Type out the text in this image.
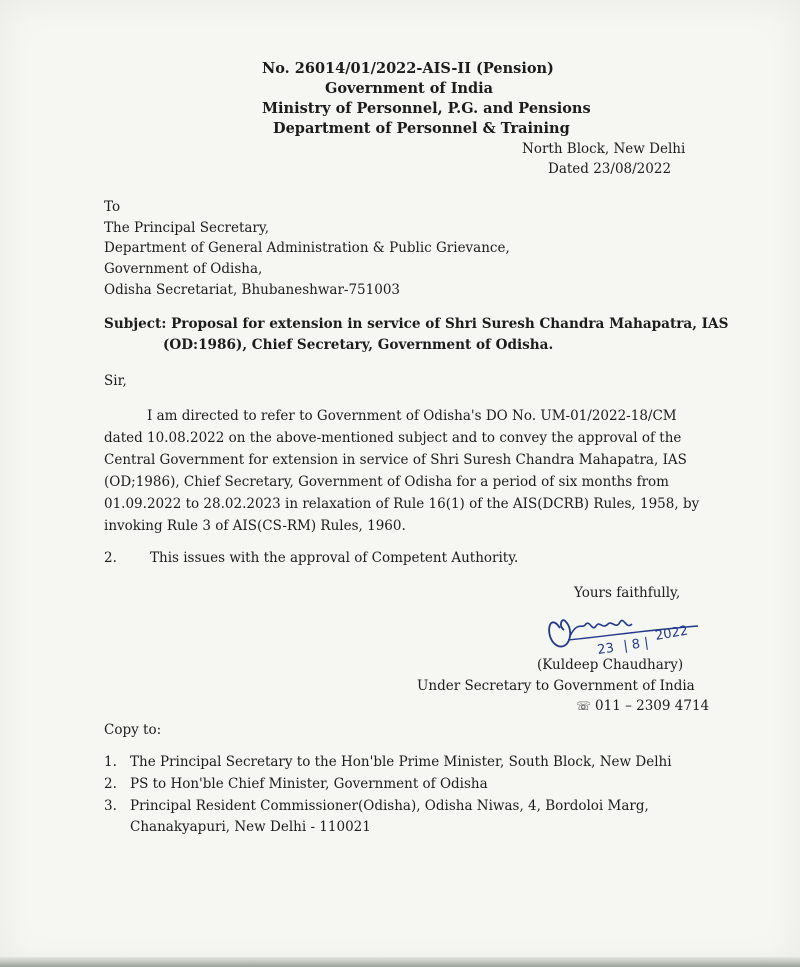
No. 26014/01/2022-AIS-II (Pension)
Government of India
Ministry of Personnel, P.G. and Pensions
Department of Personnel & Training
North Block, New Delhi
Dated 23/08/2022
To
The Principal Secretary,
Department of General Administration & Public Grievance,
Government of Odisha,
Odisha Secretariat, Bhubaneshwar-751003
Subject: Proposal for extension in service of Shri Suresh Chandra Mahapatra, IAS
(OD:1986), Chief Secretary, Government of Odisha.
Sir,
I am directed to refer to Government of Odisha's DO No. UM-01/2022-18/CM
dated 10.08.2022 on the above-mentioned subject and to convey the approval of the
Central Government for extension in service of Shri Suresh Chandra Mahapatra, IAS
(OD;1986), Chief Secretary, Government of Odisha for a period of six months from
01.09.2022 to 28.02.2023 in relaxation of Rule 16(1) of the AIS(DCRB) Rules, 1958, by
invoking Rule 3 of AIS(CS-RM) Rules, 1960.
2. This issues with the approval of Competent Authority.
Yours faithfully,
23 | 8 |
2022
(Kuldeep Chaudhary)
Under Secretary to Government of India
☏ 011 – 2309 4714
Copy to:
1. The Principal Secretary to the Hon'ble Prime Minister, South Block, New Delhi
2. PS to Hon'ble Chief Minister, Government of Odisha
3. Principal Resident Commissioner(Odisha), Odisha Niwas, 4, Bordoloi Marg,
Chanakyapuri, New Delhi - 110021
